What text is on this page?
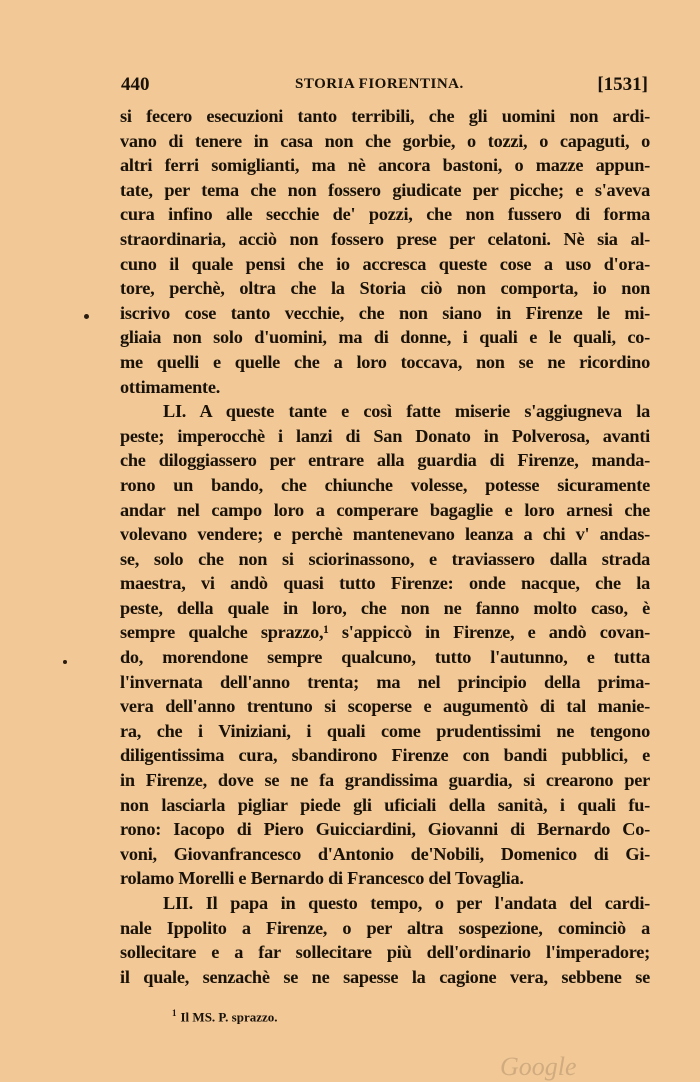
440	STORIA FIORENTINA.	[1531]
si fecero esecuzioni tanto terribili, che gli uomini non ardi-
vano di tenere in casa non che gorbie, o tozzi, o capaguti, o
altri ferri somiglianti, ma nè ancora bastoni, o mazze appun-
tate, per tema che non fossero giudicate per picche; e s'aveva
cura infino alle secchie de' pozzi, che non fussero di forma
straordinaria, acciò non fossero prese per celatoni. Nè sia al-
cuno il quale pensi che io accresca queste cose a uso d'ora-
tore, perchè, oltra che la Storia ciò non comporta, io non
iscrivo cose tanto vecchie, che non siano in Firenze le mi-
gliaia non solo d'uomini, ma di donne, i quali e le quali, co-
me quelli e quelle che a loro toccava, non se ne ricordino
ottimamente.
LI. A queste tante e così fatte miserie s'aggiugneva la
peste; imperocchè i lanzi di San Donato in Polverosa, avanti
che diloggiassero per entrare alla guardia di Firenze, manda-
rono un bando, che chiunche volesse, potesse sicuramente
andar nel campo loro a comperare bagaglie e loro arnesi che
volevano vendere; e perchè mantenevano leanza a chi v' andas-
se, solo che non si sciorinassono, e traviassero dalla strada
maestra, vi andò quasi tutto Firenze: onde nacque, che la
peste, della quale in loro, che non ne fanno molto caso, è
sempre qualche sprazzo,¹ s'appiccò in Firenze, e andò covan-
do, morendone sempre qualcuno, tutto l'autunno, e tutta
l'invernata dell'anno trenta; ma nel principio della prima-
vera dell'anno trentuno si scoperse e augumentò di tal manie-
ra, che i Viniziani, i quali come prudentissimi ne tengono
diligentissima cura, sbandirono Firenze con bandi pubblici, e
in Firenze, dove se ne fa grandissima guardia, si crearono per
non lasciarla pigliar piede gli uficiali della sanità, i quali fu-
rono: Iacopo di Piero Guicciardini, Giovanni di Bernardo Co-
voni, Giovanfrancesco d'Antonio de'Nobili, Domenico di Gi-
rolamo Morelli e Bernardo di Francesco del Tovaglia.
LII. Il papa in questo tempo, o per l'andata del cardi-
nale Ippolito a Firenze, o per altra sospezione, cominciò a
sollecitare e a far sollecitare più dell'ordinario l'imperadore;
il quale, senzachè se ne sapesse la cagione vera, sebbene se
$^1$ Il MS. P. sprazzo.
Google
